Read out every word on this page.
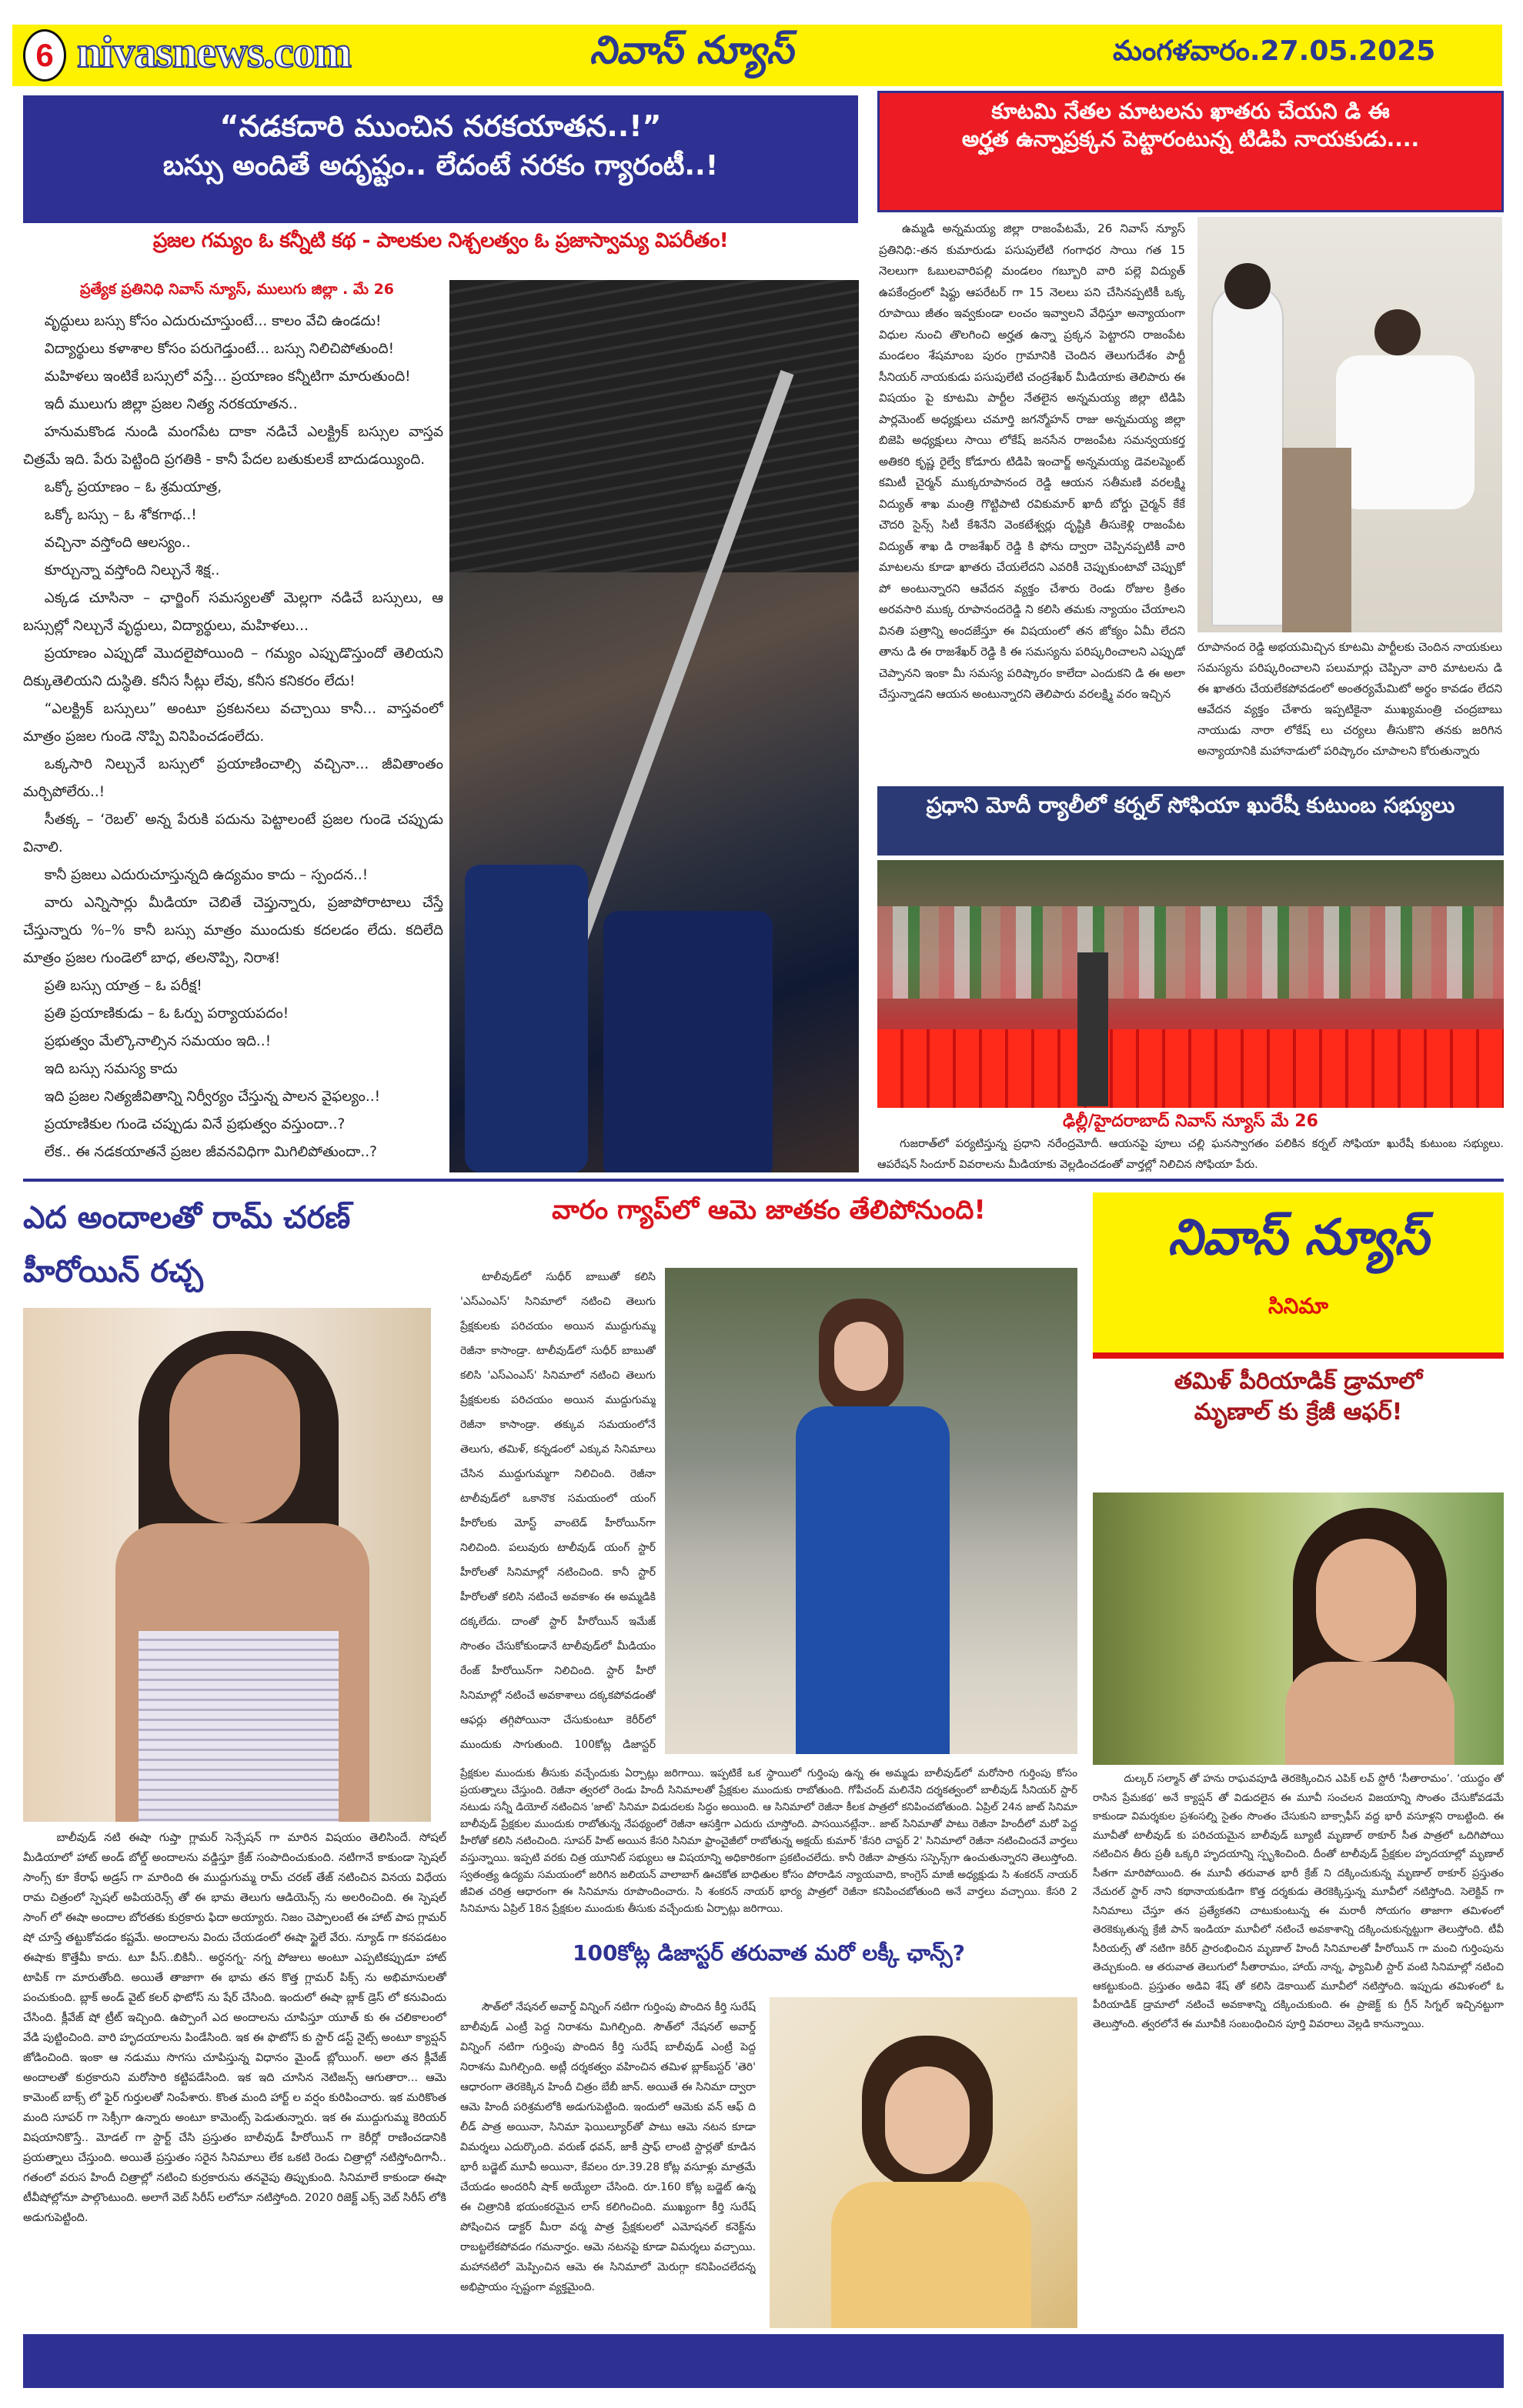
6 nivasnews.com	నివాస్ న్యూస్	మంగళవారం.27.05.2025
“నడకదారి ముంచిన నరకయాతన..!”
బస్సు అందితే అదృష్టం.. లేదంటే నరకం గ్యారంటీ..!
ప్రజల గమ్యం ఓ కన్నీటి కథ - పాలకుల నిశ్చలత్వం ఓ ప్రజాస్వామ్య విపరీతం!
ప్రత్యేక ప్రతినిధి నివాస్ న్యూస్, ములుగు జిల్లా . మే 26

వృద్ధులు బస్సు కోసం ఎదురుచూస్తుంటే... కాలం వేచి ఉండదు!

విద్యార్థులు కళాశాల కోసం పరుగెడ్తుంటే... బస్సు నిలిచిపోతుంది!

మహిళలు ఇంటికే బస్సులో వస్తే... ప్రయాణం కన్నీటిగా మారుతుంది!

ఇదీ ములుగు జిల్లా ప్రజల నిత్య నరకయాతన..

హనుమకొండ నుండి మంగపేట దాకా నడిచే ఎలక్ట్రిక్ బస్సుల వాస్తవ చిత్రమే ఇది. పేరు పెట్టింది ప్రగతికి - కానీ పేదల బతుకులకే బాదుడయ్యింది.

ఒక్కో ప్రయాణం – ఓ శ్రమయాత్ర,

ఒక్కో బస్సు – ఓ శోకగాథ..!

వచ్చినా వస్తోంది ఆలస్యం..

కూర్చున్నా వస్తోంది నిల్చునే శిక్ష..

ఎక్కడ చూసినా – ఛార్జింగ్ సమస్యలతో మెల్లగా నడిచే బస్సులు, ఆ బస్సుల్లో నిల్చునే వృద్ధులు, విద్యార్థులు, మహిళలు...

ప్రయాణం ఎప్పుడో మొదలైపోయింది – గమ్యం ఎప్పుడొస్తుందో తెలియని దిక్కుతెలియని దుస్థితి. కనీస సీట్లు లేవు, కనీస కనికరం లేదు!

“ఎలక్ట్రిక్ బస్సులు” అంటూ ప్రకటనలు వచ్చాయి కానీ... వాస్తవంలో మాత్రం ప్రజల గుండె నొప్పి వినిపించడంలేదు.

ఒక్కసారి నిల్చునే బస్సులో ప్రయాణించాల్సి వచ్చినా... జీవితాంతం మర్చిపోలేరు..!

సీతక్క – ‘రెబల్’ అన్న పేరుకి పదును పెట్టాలంటే ప్రజల గుండె చప్పుడు వినాలి.

కానీ ప్రజలు ఎదురుచూస్తున్నది ఉద్యమం కాదు – స్పందన..!

వారు ఎన్నిసార్లు మీడియా చెబితే చెప్తున్నారు, ప్రజాపోరాటాలు చేస్తే చేస్తున్నారు %–% కానీ బస్సు మాత్రం ముందుకు కదలడం లేదు. కదిలేది మాత్రం ప్రజల గుండెలో బాధ, తలనొప్పి, నిరాశ!

ప్రతి బస్సు యాత్ర – ఓ పరీక్ష!

ప్రతి ప్రయాణికుడు – ఓ ఓర్పు పర్యాయపదం!

ప్రభుత్వం మేల్కొనాల్సిన సమయం ఇది..!

ఇది బస్సు సమస్య కాదు

ఇది ప్రజల నిత్యజీవితాన్ని నిర్వీర్యం చేస్తున్న పాలన వైఫల్యం..!

ప్రయాణికుల గుండె చప్పుడు వినే ప్రభుత్వం వస్తుందా..?

లేక.. ఈ నడకయాతనే ప్రజల జీవనవిధిగా మిగిలిపోతుందా..?

కూటమి నేతల మాటలను ఖాతరు చేయని డి ఈ
అర్హత ఉన్నాప్రక్కన పెట్టారంటున్న టిడిపి నాయకుడు....
ఉమ్మడి అన్నమయ్య జిల్లా రాజంపేటమే, 26 నివాస్ న్యూస్ ప్రతినిధి:-తన కుమారుడు పసుపులేటి గంగాధర సాయి గత 15 నెలలుగా ఓబులవారిపల్లి మండలం గబ్బూరి వారి పల్లె విద్యుత్ ఉపకేంద్రంలో షిఫ్టు ఆపరేటర్ గా 15 నెలలు పని చేసినప్పటికీ ఒక్క రూపాయి జీతం ఇవ్వకుండా లంచం ఇవ్వాలని వేధిస్తూ అన్యాయంగా విధుల నుంచి తొలగించి అర్హత ఉన్నా ప్రక్కన పెట్టారని రాజంపేట మండలం శేషమాంబ పురం గ్రామానికి చెందిన తెలుగుదేశం పార్టీ సీనియర్ నాయకుడు పసుపులేటి చంద్రశేఖర్ మీడియాకు తెలిపారు ఈ విషయం పై కూటమి పార్టీల నేతలైన అన్నమయ్య జిల్లా టిడిపి పార్లమెంట్ అధ్యక్షులు చమార్తి జగన్మోహన్ రాజు అన్నమయ్య జిల్లా బిజెపి అధ్యక్షులు సాయి లోకేష్ జనసేన రాజంపేట సమన్వయకర్త అతికరి కృష్ణ రైల్వే కోడూరు టిడిపి ఇంచార్జ్ అన్నమయ్య డెవలప్మెంట్ కమిటీ చైర్మన్ ముక్కరూపానంద రెడ్డి ఆయన సతీమణి వరలక్ష్మి విద్యుత్ శాఖ మంత్రి గొట్టిపాటి రవికుమార్ ఖాదీ బోర్డు చైర్మన్ కేకే చౌదరి సైన్స్ సిటీ కేశినేని వెంకటేశ్వర్లు దృష్టికి తీసుకెళ్లి రాజంపేట విద్యుత్ శాఖ డి రాజశేఖర్ రెడ్డి కి ఫోను ద్వారా చెప్పినప్పటికీ వారి మాటలను కూడా ఖాతరు చేయలేదని ఎవరికీ చెప్పుకుంటావో చెప్పుకో పో అంటున్నారని ఆవేదన వ్యక్తం చేశారు రెండు రోజుల క్రితం అరవసారి ముక్క రూపానందరెడ్డి ని కలిసి తమకు న్యాయం చేయాలని వినతి పత్రాన్ని అందజేస్తూ ఈ విషయంలో తన జోక్యం ఏమీ లేదని తాను డి ఈ రాజశేఖర్ రెడ్డి కి ఈ సమస్యను పరిష్కరించాలని ఎప్పుడో చెప్పానని ఇంకా మీ సమస్య పరిష్కారం కాలేదా ఎందుకని డి ఈ అలా చేస్తున్నాడని ఆయన అంటున్నారని తెలిపారు వరలక్ష్మి వరం ఇచ్చిన
రూపానంద రెడ్డి అభయమిచ్చిన కూటమి పార్టీలకు చెందిన నాయకులు సమస్యను పరిష్కరించాలని పలుమార్లు చెప్పినా వారి మాటలను డి ఈ ఖాతరు చేయలేకపోవడంలో అంతర్యమేమిటో అర్థం కావడం లేదని ఆవేదన వ్యక్తం చేశారు ఇప్పటికైనా ముఖ్యమంత్రి చంద్రబాబు నాయుడు నారా లోకేష్ లు చర్యలు తీసుకొని తనకు జరిగిన అన్యాయానికి మహానాడులో పరిష్కారం చూపాలని కోరుతున్నారు
ప్రధాని మోదీ ర్యాలీలో కర్నల్ సోఫియా ఖురేషీ కుటుంబ సభ్యులు
ఢిల్లీ/హైదరాబాద్ నివాస్ న్యూస్ మే 26
గుజరాత్‌లో పర్యటిస్తున్న ప్రధాని నరేంద్రమోదీ. ఆయనపై పూలు చల్లి ఘనస్వాగతం పలికిన కర్నల్ సోఫియా ఖురేషీ కుటుంబ సభ్యులు. ఆపరేషన్ సిందూర్ వివరాలను మీడియాకు వెల్లడించడంతో వార్తల్లో నిలిచిన సోఫియా పేరు.
ఎద అందాలతో రామ్ చరణ్ హీరోయిన్ రచ్చ
బాలీవుడ్ నటి ఈషా గుప్తా గ్లామర్ సెన్సేషన్ గా మారిన విషయం తెలిసిందే. సోషల్ మీడియాలో హాట్ అండ్ బోల్డ్ అందాలను వడ్డిస్తూ క్రేజ్ సంపాదించుకుంది. నటిగానే కాకుండా స్పెషల్ సాంగ్స్ కూ కేరాఫ్ అడ్రస్ గా మారింది ఈ ముద్దుగుమ్మ రామ్ చరణ్ తేజ్ నటించిన వినయ విధేయ రామ చిత్రంలో స్పెషల్ అపియరెన్స్ తో ఈ భామ తెలుగు ఆడియెన్స్ ను అలరించింది. ఈ స్పెషల్ సాంగ్ లో ఈషా అందాల బోరతకు కుర్రకారు ఫిదా అయ్యారు. నిజం చెప్పాలంటే ఈ హాట్ పాప గ్లామర్ షో చూస్తే తట్టుకోవడం కష్టమే. అందాలను విందు చేయడంలో ఈషా స్టైలే వేరు. న్యూడ్ గా కనపడటం ఈషాకు కొత్తేమీ కాదు. టూ పీస్..బికినీ.. అర్ధనగ్న- నగ్న పోజులు అంటూ ఎప్పటికప్పుడూ హాట్ టాపిక్ గా మారుతోంది. అయితే తాజాగా ఈ భామ తన కొత్త గ్లామర్ పిక్స్ ను అభిమానులతో పంచుకుంది. బ్లాక్ అండ్ వైట్ కలర్ ఫొటోస్ ను షేర్ చేసింది. ఇందులో ఈషా బ్లాక్ డ్రెస్ లో కనువిందు చేసింది. క్లీవేజ్ షో ట్రీట్ ఇచ్చింది. ఉప్పొంగే ఎద అందాలను చూపిస్తూ యూత్ కు ఈ చలికాలంలో వేడి పుట్టించింది. వారి హృదయాలను పిండేసింది. ఇక ఈ ఫొటోస్ కు స్టార్ డస్ట్ నైట్స్ అంటూ క్యాప్షన్ జోడించింది. ఇంకా ఆ నడుము సొగసు చూపిస్తున్న విధానం మైండ్ బ్లోయింగ్. అలా తన క్లీవేజ్ అందాలతో కుర్రకారుని మరోసారి కట్టిపడేసింది. ఇక ఇది చూసిన నెటిజన్స్ ఆగుతారా... ఆమె కామెంట్ బాక్స్ లో ఫైర్ గుర్తులతో నింపేశారు. కొంత మంది హార్ట్ ల వర్షం కురిపించారు. ఇక మరికొంత మంది సూపర్ గా సెక్సీగా ఉన్నారు అంటూ కామెంట్స్ పెడుతున్నారు. ఇక ఈ ముద్దుగుమ్మ కెరియర్ విషయానికొస్తే.. మోడల్ గా స్టార్ట్ చేసి ప్రస్తుతం బాలీవుడ్ హీరోయిన్ గా కెరీర్లో రాణించడానికి ప్రయత్నాలు చేస్తుంది. అయితే ప్రస్తుతం సరైన సినిమాలు లేక ఒకటి రెండు చిత్రాల్లో నటిస్తోందిగానీ.. గతంలో వరుస హిందీ చిత్రాల్లో నటించి కుర్రకారును తనవైపు తిప్పుకుంది. సినిమాలే కాకుండా ఈషా టీవీషోల్లోనూ పాల్గొంటుంది. అలాగే వెబ్ సిరీస్ లలోనూ నటిస్తోంది. 2020 రిజెక్ట్ ఎక్స్ వెబ్ సిరీస్ లోకి అడుగుపెట్టింది.
వారం గ్యాప్‌లో ఆమె జాతకం తేలిపోనుంది!
టాలీవుడ్‌లో సుధీర్ బాబుతో కలిసి 'ఎస్ఎంఎస్' సినిమాలో నటించి తెలుగు ప్రేక్షకులకు పరిచయం అయిన ముద్దుగుమ్మ రెజీనా కాసాండ్రా. టాలీవుడ్‌లో సుధీర్ బాబుతో కలిసి 'ఎస్ఎంఎస్' సినిమాలో నటించి తెలుగు ప్రేక్షకులకు పరిచయం అయిన ముద్దుగుమ్మ రెజీనా కాసాండ్రా. తక్కువ సమయంలోనే తెలుగు, తమిళ్, కన్నడంలో ఎక్కువ సినిమాలు చేసిన ముద్దుగుమ్మగా నిలిచింది. రెజీనా టాలీవుడ్‌లో ఒకానొక సమయంలో యంగ్ హీరోలకు మోస్ట్ వాంటెడ్ హీరోయిన్‌గా నిలిచింది. పలువురు టాలీవుడ్ యంగ్ స్టార్ హీరోలతో సినిమాల్లో నటించింది. కానీ స్టార్ హీరోలతో కలిసి నటించే అవకాశం ఈ అమ్మడికి దక్కలేదు. దాంతో స్టార్ హీరోయిన్ ఇమేజ్ సొంతం చేసుకోకుండానే టాలీవుడ్‌లో మీడియం రేంజ్ హీరోయిన్‌గా నిలిచింది. స్టార్ హీరో సినిమాల్లో నటించే అవకాశాలు దక్కకపోవడంతో ఆఫర్లు తగ్గిపోయినా చేసుకుంటూ కెరీర్‌లో ముందుకు సాగుతుంది. 100కోట్ల డిజాస్టర్
ప్రేక్షకుల ముందుకు తీసుకు వచ్చేందుకు ఏర్పాట్లు జరిగాయి. ఇప్పటికే ఒక స్థాయిలో గుర్తింపు ఉన్న ఈ అమ్మడు బాలీవుడ్‌లో మరోసారి గుర్తింపు కోసం ప్రయత్నాలు చేస్తుంది. రెజీనా త్వరలో రెండు హిందీ సినిమాలతో ప్రేక్షకుల ముందుకు రాబోతుంది. గోపీచంద్ మలినేని దర్శకత్వంలో బాలీవుడ్ సీనియర్ స్టార్ నటుడు సన్నీ డియోల్ నటించిన 'జాట్' సినిమా విడుదలకు సిద్ధం అయింది. ఆ సినిమాలో రెజీనా కీలక పాత్రలో కనిపించబోతుంది. ఏప్రిల్ 24న జాట్ సినిమా బాలీవుడ్ ప్రేక్షకుల ముందుకు రాబోతున్న నేపథ్యంలో రెజీనా ఆసక్తిగా ఎదురు చూస్తోంది. పాసయినట్లేనా.. జాట్ సినిమాతో పాటు రెజీనా హిందీలో మరో పెద్ద హీరోతో కలిసి నటించింది. సూపర్ హిట్ అయిన కేసరి సినిమా ఫ్రాంచైజీలో రాబోతున్న అక్షయ్ కుమార్ 'కేసరి చాప్టర్ 2' సినిమాలో రెజీనా నటించిందనే వార్తలు వస్తున్నాయి. ఇప్పటి వరకు చిత్ర యూనిట్ సభ్యులు ఆ విషయాన్ని అధికారికంగా ప్రకటించలేదు. కానీ రెజీనా పాత్రను సస్పెన్స్‌గా ఉంచుతున్నారని తెలుస్తోంది. స్వతంత్ర్య ఉద్యమ సమయంలో జరిగిన జలియన్ వాలాబాగ్ ఊచకోత బాధితుల కోసం పోరాడిన న్యాయవాది, కాంగ్రెస్ మాజీ అధ్యక్షుడు సి శంకరన్ నాయర్ జీవిత చరిత్ర ఆధారంగా ఈ సినిమాను రూపొందించారు. సి శంకరన్ నాయర్ భార్య పాత్రలో రెజీనా కనిపించబోతుంది అనే వార్తలు వచ్చాయి. కేసరి 2 సినిమాను ఏప్రిల్ 18న ప్రేక్షకుల ముందుకు తీసుకు వచ్చేందుకు ఏర్పాట్లు జరిగాయి.
100కోట్ల డిజాస్టర్ తరువాత మరో లక్కీ ఛాన్స్?
సౌత్‌లో నేషనల్ అవార్డ్ విన్నింగ్ నటిగా గుర్తింపు పొందిన కీర్తి సురేష్ బాలీవుడ్ ఎంట్రీ పెద్ద నిరాశను మిగిల్చింది. సౌత్‌లో నేషనల్ అవార్డ్ విన్నింగ్ నటిగా గుర్తింపు పొందిన కీర్తి సురేష్ బాలీవుడ్ ఎంట్రీ పెద్ద నిరాశను మిగిల్చింది. అట్లీ దర్శకత్వం వహించిన తమిళ బ్లాక్‌బస్టర్ 'తెరి' ఆధారంగా తెరకెక్కిన హిందీ చిత్రం బేబీ జాన్. అయితే ఈ సినిమా ద్వారా ఆమె హిందీ పరిశ్రమలోకి అడుగుపెట్టింది. ఇందులో ఆమెకు వన్ ఆఫ్ ది లీడ్ పాత్ర అయినా, సినిమా ఫెయిల్యూర్‌తో పాటు ఆమె నటన కూడా విమర్శలు ఎదుర్కొంది. వరుణ్ ధవన్, జాకీ ష్రాఫ్ లాంటి స్టార్లతో కూడిన భారీ బడ్జెట్ మూవీ అయినా, కేవలం రూ.39.28 కోట్ల వసూళ్లు మాత్రమే చేయడం అందరినీ షాక్ అయ్యేలా చేసింది. రూ.160 కోట్ల బడ్జెట్ ఉన్న ఈ చిత్రానికి భయంకరమైన లాస్ కలిగించింది. ముఖ్యంగా కీర్తి సురేష్ పోషించిన డాక్టర్ మీరా వర్మ పాత్ర ప్రేక్షకులలో ఎమోషనల్ కనెక్ట్‌ను రాబట్టలేకపోవడం గమనార్హం. ఆమె నటనపై కూడా విమర్శలు వచ్చాయి. మహానటిలో మెప్పించిన ఆమె ఈ సినిమాలో మెరుగ్గా కనిపించలేదన్న అభిప్రాయం స్పష్టంగా వ్యక్తమైంది.
నివాస్ న్యూస్
సినిమా
తమిళ్ పీరియాడిక్ డ్రామాలో
మృణాల్ కు క్రేజీ ఆఫర్!
దుల్కర్ సల్మాన్ తో హను రాఘవపూడి తెరకెక్కించిన ఎపిక్ లవ్ స్టోరీ ‘సీతారామం’. ‘యుద్ధం తో రాసిన ప్రేమకథ’ అనే క్యాప్షన్ తో విడుదలైన ఈ మూవీ సంచలన విజయాన్ని సొంతం చేసుకోవడమే కాకుండా విమర్శకుల ప్రశంసల్ని సైతం సొంతం చేసుకుని బాక్సాఫీస్ వద్ద భారీ వసూళ్లని రాబట్టింది. ఈ మూవీతో టాలీవుడ్ కు పరిచయమైన బాలీవుడ్ బ్యూటీ మృణాల్ ఠాకూర్ సీత పాత్రలో ఒదిగిపోయి నటించిన తీరు ప్రతీ ఒక్కరి హృదయాన్ని స్పృశించింది. దీంతో టాలీవుడ్ ప్రేక్షకుల హృదయాల్లో మృణాల్ సీతగా మారిపోయింది. ఈ మూవీ తరువాత భారీ క్రేజ్ ని దక్కించుకున్న మృణాల్ ఠాకూర్ ప్రస్తుతం నేచురల్ స్టార్ నాని కథానాయకుడిగా కొత్త దర్శకుడు తెరకెక్కిస్తున్న మూవీలో నటిస్తోంది. సెలెక్టివ్ గా సినిమాలు చేస్తూ తన ప్రత్యేకతని చాటుకుంటున్న ఈ మరాఠీ సోయగం తాజాగా తమిళంలో తెరకెక్కుతున్న క్రేజీ పాన్ ఇండియా మూవీలో నటించే అవకాశాన్ని దక్కించుకున్నట్టుగా తెలుస్తోంది. టీవీ సీరియల్స్ తో నటిగా కెరీర్ ప్రారంభించిన మృణాల్ హిందీ సినిమాలతో హీరోయిన్ గా మంచి గుర్తింపును తెచ్చుకుంది. ఆ తరువాత తెలుగులో సీతారామం, హాయ్ నాన్న, ఫ్యామిలీ స్టార్ వంటి సినిమాల్లో నటించి ఆకట్టుకుంది. ప్రస్తుతం అడివి శేష్ తో కలిసి డెకాయిట్ మూవీలో నటిస్తోంది. ఇప్పుడు తమిళంలో ఓ పీరియాడిక్ డ్రామాలో నటించే అవకాశాన్ని దక్కించుకుంది. ఈ ప్రాజెక్ట్ కు గ్రీన్ సిగ్నల్ ఇచ్చినట్టుగా తెలుస్తోంది. త్వరలోనే ఈ మూవీకి సంబంధించిన పూర్తి వివరాలు వెల్లడి కానున్నాయి.
